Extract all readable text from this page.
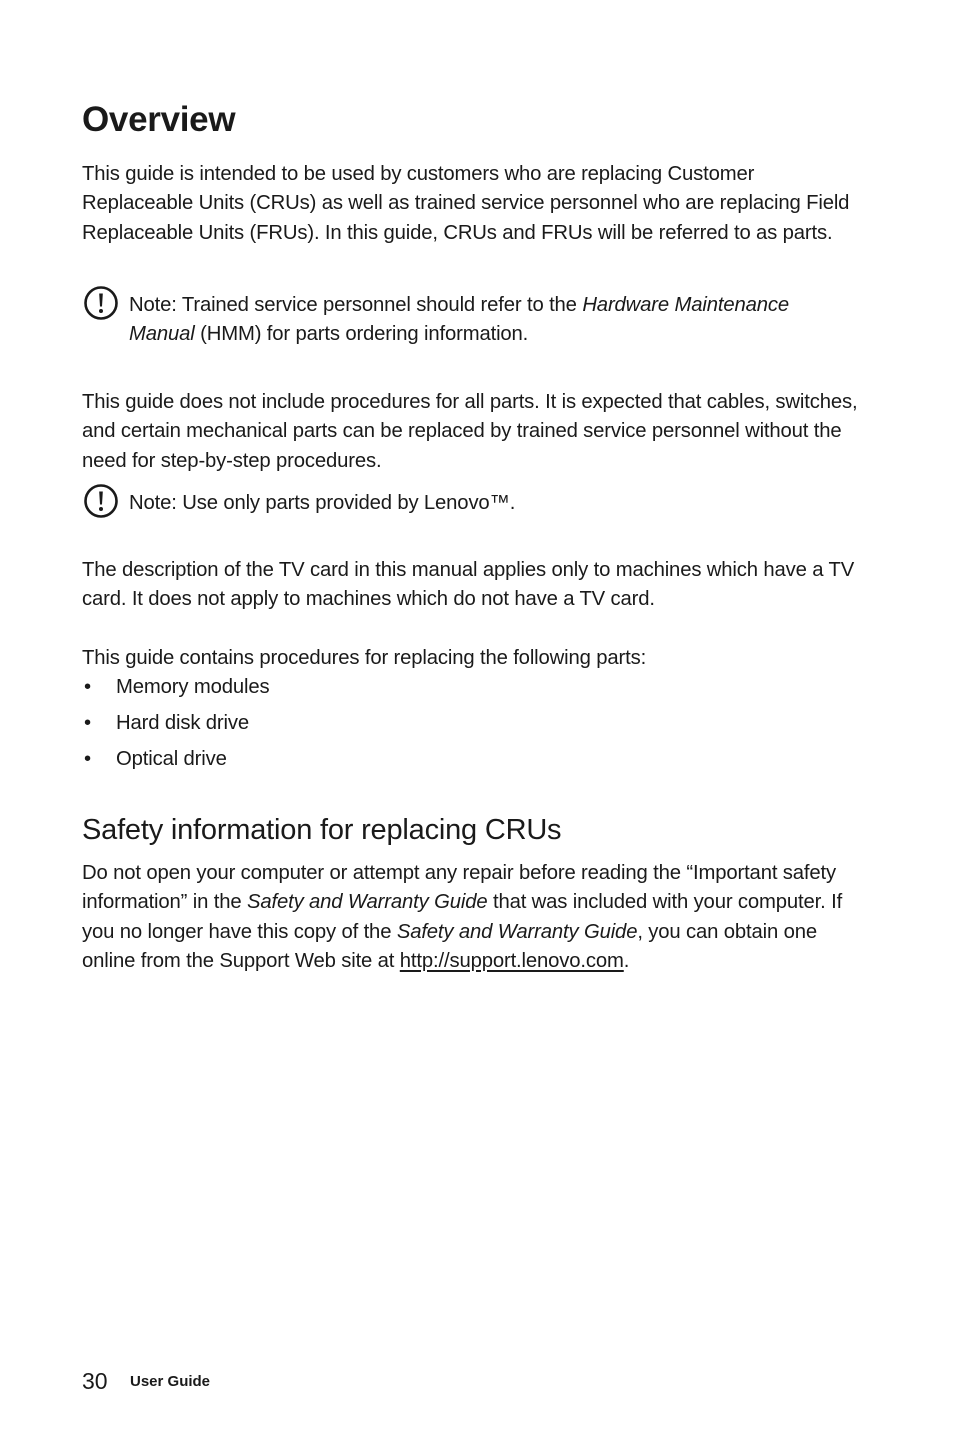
Overview

This guide is intended to be used by customers who are replacing Customer Replaceable Units (CRUs) as well as trained service personnel who are replacing Field Replaceable Units (FRUs). In this guide, CRUs and FRUs will be referred to as parts.

Note: Trained service personnel should refer to the Hardware Maintenance Manual (HMM) for parts ordering information.

This guide does not include procedures for all parts. It is expected that cables, switches, and certain mechanical parts can be replaced by trained service personnel without the need for step-by-step procedures.

Note: Use only parts provided by Lenovo™.

The description of the TV card in this manual applies only to machines which have a TV card. It does not apply to machines which do not have a TV card.

This guide contains procedures for replacing the following parts:

• Memory modules
• Hard disk drive
• Optical drive
Safety information for replacing CRUs

Do not open your computer or attempt any repair before reading the “Important safety information” in the Safety and Warranty Guide that was included with your computer. If you no longer have this copy of the Safety and Warranty Guide, you can obtain one online from the Support Web site at http://support.lenovo.com.

30 User Guide
